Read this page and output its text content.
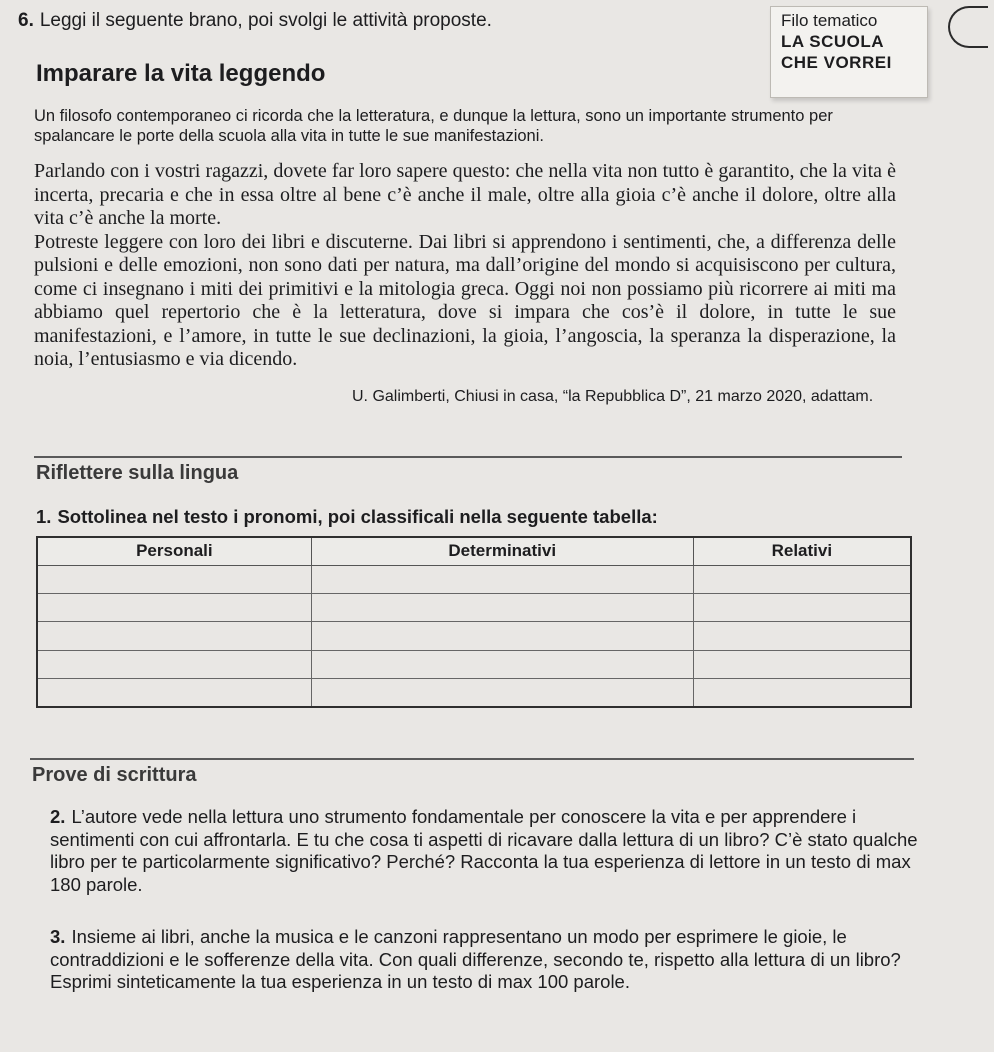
6. Leggi il seguente brano, poi svolgi le attività proposte.	Filo tematico
LA SCUOLA
CHE VORREI
Imparare la vita leggendo

Un filosofo contemporaneo ci ricorda che la letteratura, e dunque la lettura, sono un importante strumento per spalancare le porte della scuola alla vita in tutte le sue manifestazioni.

Parlando con i vostri ragazzi, dovete far loro sapere questo: che nella vita non tutto è garantito, che la vita è incerta, precaria e che in essa oltre al bene c’è anche il male, oltre alla gioia c’è anche il dolore, oltre alla vita c’è anche la morte.

Potreste leggere con loro dei libri e discuterne. Dai libri si apprendono i sentimenti, che, a differenza delle pulsioni e delle emozioni, non sono dati per natura, ma dall’origine del mondo si acquisiscono per cultura, come ci insegnano i miti dei primitivi e la mitologia greca. Oggi noi non possiamo più ricorrere ai miti ma abbiamo quel repertorio che è la letteratura, dove si impara che cos’è il dolore, in tutte le sue manifestazioni, e l’amore, in tutte le sue declinazioni, la gioia, l’angoscia, la speranza la disperazione, la noia, l’entusiasmo e via dicendo.

U. Galimberti, Chiusi in casa, “la Repubblica D”, 21 marzo 2020, adattam.
Riflettere sulla lingua
1. Sottolinea nel testo i pronomi, poi classificali nella seguente tabella:
Personali	Determinativi	Relativi

Prove di scrittura
2. L’autore vede nella lettura uno strumento fondamentale per conoscere la vita e per apprendere i sentimenti con cui affrontarla. E tu che cosa ti aspetti di ricavare dalla lettura di un libro? C’è stato qualche libro per te particolarmente significativo? Perché? Racconta la tua esperienza di lettore in un testo di max 180 parole.
3. Insieme ai libri, anche la musica e le canzoni rappresentano un modo per esprimere le gioie, le contraddizioni e le sofferenze della vita. Con quali differenze, secondo te, rispetto alla lettura di un libro? Esprimi sinteticamente la tua esperienza in un testo di max 100 parole.
